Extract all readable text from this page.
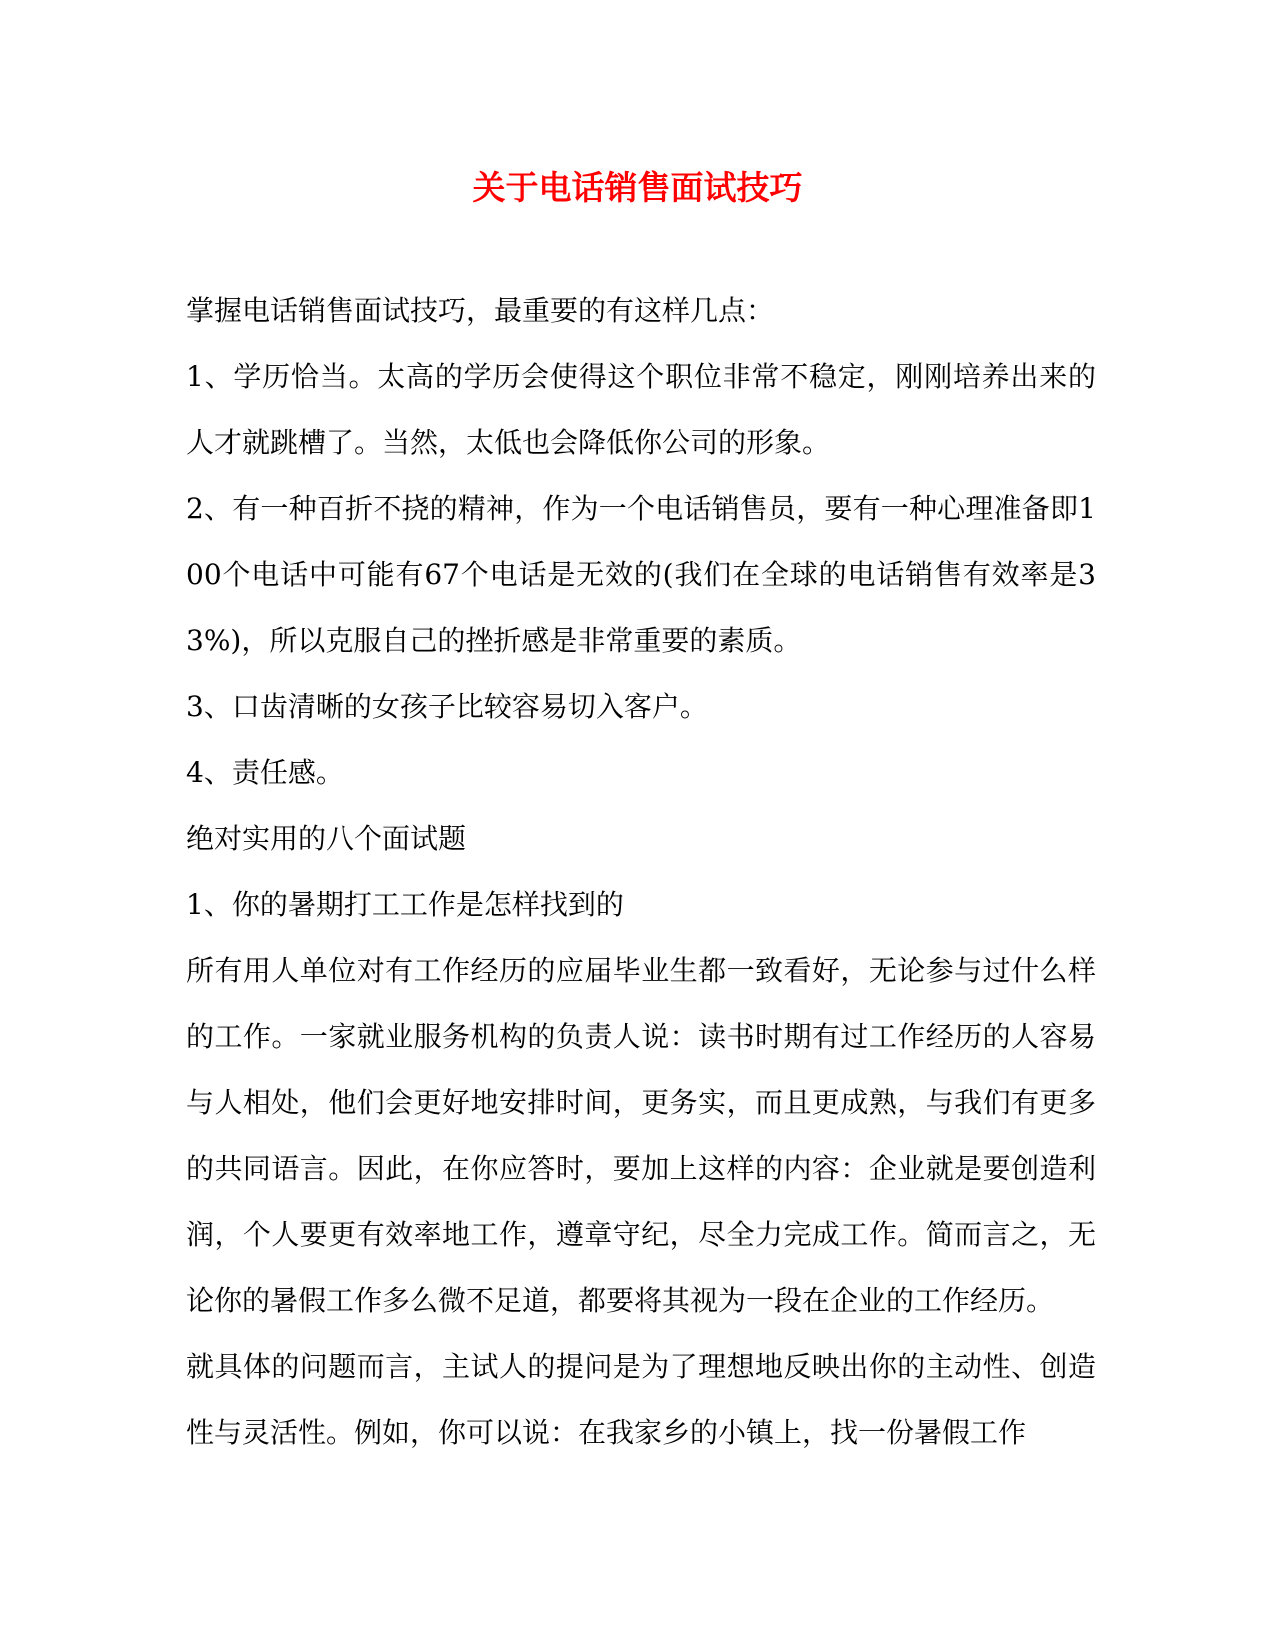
关于电话销售面试技巧

掌握电话销售面试技巧，最重要的有这样几点：

1、学历恰当。太高的学历会使得这个职位非常不稳定，刚刚培养出来的人才就跳槽了。当然，太低也会降低你公司的形象。

2、有一种百折不挠的精神，作为一个电话销售员，要有一种心理准备即100个电话中可能有67个电话是无效的(我们在全球的电话销售有效率是33%)，所以克服自己的挫折感是非常重要的素质。

3、口齿清晰的女孩子比较容易切入客户。

4、责任感。

绝对实用的八个面试题

1、你的暑期打工工作是怎样找到的

所有用人单位对有工作经历的应届毕业生都一致看好，无论参与过什么样的工作。一家就业服务机构的负责人说：读书时期有过工作经历的人容易与人相处，他们会更好地安排时间，更务实，而且更成熟，与我们有更多的共同语言。因此，在你应答时，要加上这样的内容：企业就是要创造利润，个人要更有效率地工作，遵章守纪，尽全力完成工作。简而言之，无论你的暑假工作多么微不足道，都要将其视为一段在企业的工作经历。

就具体的问题而言，主试人的提问是为了理想地反映出你的主动性、创造性与灵活性。例如，你可以说：在我家乡的小镇上，找一份暑假工作
